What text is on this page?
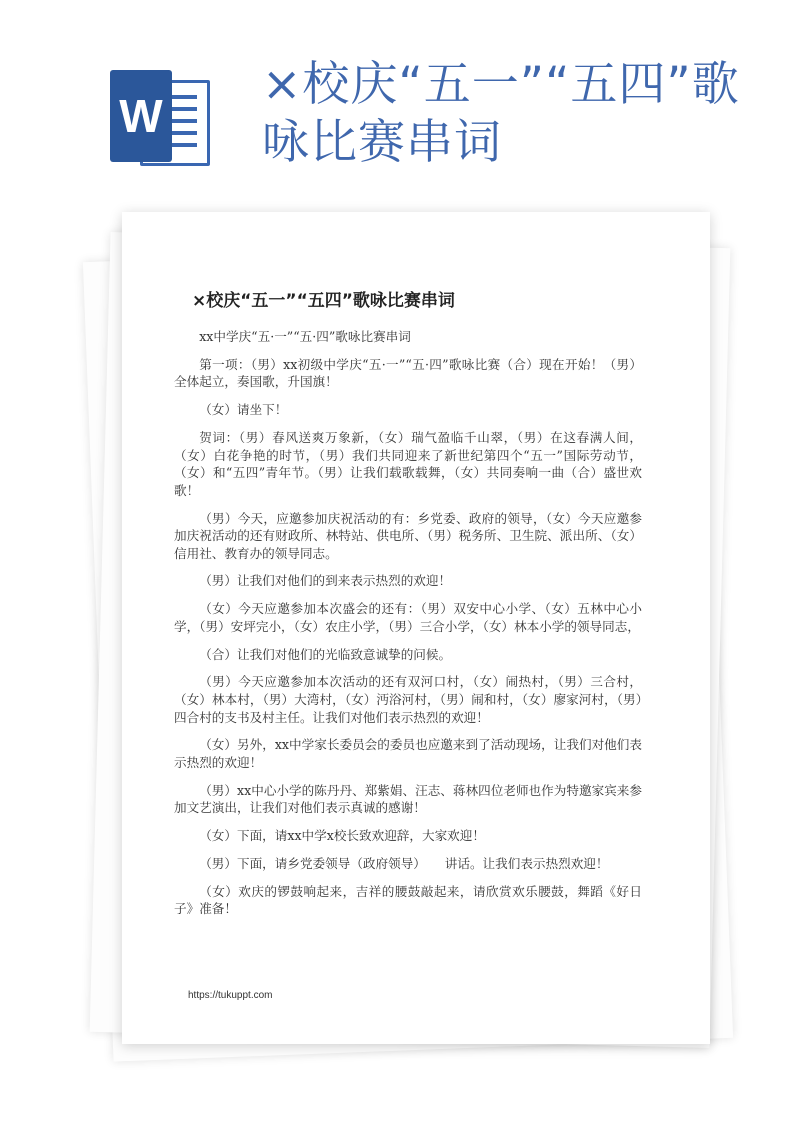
W
×校庆“五一”“五四”歌咏比赛串词
×校庆“五一”“五四”歌咏比赛串词

xx中学庆“五·一”“五·四”歌咏比赛串词

第一项：（男）xx初级中学庆“五·一”“五·四”歌咏比赛（合）现在开始！（男）全体起立，奏国歌，升国旗！

（女）请坐下！

贺词：（男）春风送爽万象新，（女）瑞气盈临千山翠，（男）在这春满人间，（女）白花争艳的时节，（男）我们共同迎来了新世纪第四个“五一”国际劳动节，（女）和“五四”青年节。（男）让我们载歌载舞，（女）共同奏响一曲（合）盛世欢歌！

（男）今天，应邀参加庆祝活动的有：乡党委、政府的领导，（女）今天应邀参加庆祝活动的还有财政所、林特站、供电所、（男）税务所、卫生院、派出所、（女）信用社、教育办的领导同志。

（男）让我们对他们的到来表示热烈的欢迎！

（女）今天应邀参加本次盛会的还有：（男）双安中心小学、（女）五林中心小学，（男）安坪完小，（女）农庄小学，（男）三合小学，（女）林本小学的领导同志，

（合）让我们对他们的光临致意诚挚的问候。

（男）今天应邀参加本次活动的还有双河口村，（女）闹热村，（男）三合村，（女）林本村，（男）大湾村，（女）沔浴河村，（男）闹和村，（女）廖家河村，（男）四合村的支书及村主任。让我们对他们表示热烈的欢迎！

（女）另外，xx中学家长委员会的委员也应邀来到了活动现场，让我们对他们表示热烈的欢迎！

（男）xx中心小学的陈丹丹、郑紫娟、汪志、蒋林四位老师也作为特邀家宾来参加文艺演出，让我们对他们表示真诚的感谢！

（女）下面，请xx中学x校长致欢迎辞，大家欢迎！

（男）下面，请乡党委领导（政府领导）　　讲话。让我们表示热烈欢迎！

（女）欢庆的锣鼓响起来，吉祥的腰鼓敲起来，请欣赏欢乐腰鼓，舞蹈《好日子》准备！

https://tukuppt.com
